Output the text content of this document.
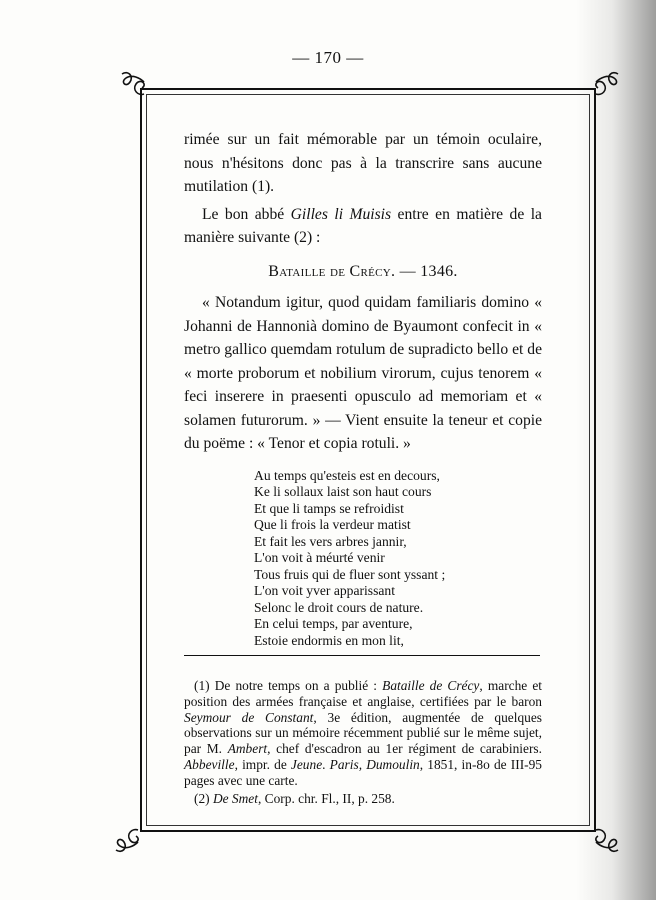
— 170 —

rimée sur un fait mémorable par un témoin oculaire, nous n'hésitons donc pas à la transcrire sans aucune mutilation (1).

Le bon abbé Gilles li Muisis entre en matière de la manière suivante (2) :

Bataille de Crécy. — 1346.

« Notandum igitur, quod quidam familiaris domino « Johanni de Hannonià domino de Byaumont confecit in « metro gallico quemdam rotulum de supradicto bello et de « morte proborum et nobilium virorum, cujus tenorem « feci inserere in praesenti opusculo ad memoriam et « solamen futurorum. » — Vient ensuite la teneur et copie du poëme : « Tenor et copia rotuli. »

Au temps qu'esteis est en decours,
Ke li sollaux laist son haut cours
Et que li tamps se refroidist
Que li frois la verdeur matist
Et fait les vers arbres jannir,
L'on voit à méurté venir
Tous fruis qui de fluer sont yssant ;
L'on voit yver apparissant
Selonc le droit cours de nature.
En celui temps, par aventure,
Estoie endormis en mon lit,

(1) De notre temps on a publié : Bataille de Crécy, marche et position des armées française et anglaise, certifiées par le baron Seymour de Constant, 3e édition, augmentée de quelques observations sur un mémoire récemment publié sur le même sujet, par M. Ambert, chef d'escadron au 1er régiment de carabiniers. Abbeville, impr. de Jeune. Paris, Dumoulin, 1851, in-8o de III-95 pages avec une carte.

(2) De Smet, Corp. chr. Fl., II, p. 258.
